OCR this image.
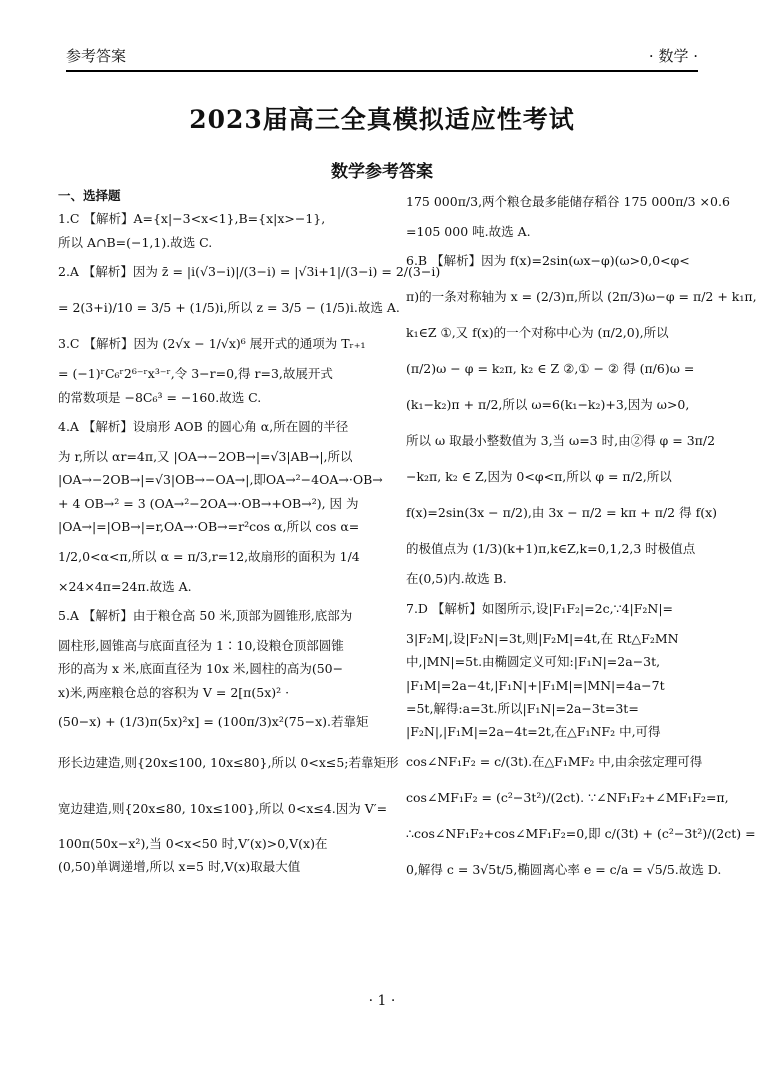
参考答案	· 数学 ·
2023届高三全真模拟适应性考试
数学参考答案
一、选择题
1.C 【解析】A={x|−3<x<1},B={x|x>−1},
所以 A∩B=(−1,1).故选 C.
2.A 【解析】因为 z̄ = |i(√3−i)|/(3−i) = |√3i+1|/(3−i) = 2/(3−i)
= 2(3+i)/10 = 3/5 + (1/5)i,所以 z = 3/5 − (1/5)i.故选 A.
3.C 【解析】因为 (2√x − 1/√x)⁶ 展开式的通项为 Tᵣ₊₁
= (−1)ʳC₆ʳ2⁶⁻ʳx³⁻ʳ,令 3−r=0,得 r=3,故展开式
的常数项是 −8C₆³ = −160.故选 C.
4.A 【解析】设扇形 AOB 的圆心角 α,所在圆的半径
为 r,所以 αr=4π,又 |OA→−2OB→|=√3|AB→|,所以
|OA→−2OB→|=√3|OB→−OA→|,即OA→²−4OA→·OB→
+ 4 OB→² = 3 (OA→²−2OA→·OB→+OB→²), 因 为
|OA→|=|OB→|=r,OA→·OB→=r²cos α,所以 cos α=
1/2,0<α<π,所以 α = π/3,r=12,故扇形的面积为 1/4
×24×4π=24π.故选 A.
5.A 【解析】由于粮仓高 50 米,顶部为圆锥形,底部为
圆柱形,圆锥高与底面直径为 1∶10,设粮仓顶部圆锥
形的高为 x 米,底面直径为 10x 米,圆柱的高为(50−
x)米,两座粮仓总的容积为 V = 2[π(5x)² ·
(50−x) + (1/3)π(5x)²x] = (100π/3)x²(75−x).若靠矩
形长边建造,则{20x≤100, 10x≤80},所以 0<x≤5;若靠矩形
宽边建造,则{20x≤80, 10x≤100},所以 0<x≤4.因为 V′=
100π(50x−x²),当 0<x<50 时,V′(x)>0,V(x)在
(0,50)单调递增,所以 x=5 时,V(x)取最大值
175 000π/3,两个粮仓最多能储存稻谷 175 000π/3 ×0.6
=105 000 吨.故选 A.
6.B 【解析】因为 f(x)=2sin(ωx−φ)(ω>0,0<φ<
π)的一条对称轴为 x = (2/3)π,所以 (2π/3)ω−φ = π/2 + k₁π,
k₁∈Z ①,又 f(x)的一个对称中心为 (π/2,0),所以
(π/2)ω − φ = k₂π, k₂ ∈ Z ②,① − ② 得 (π/6)ω =
(k₁−k₂)π + π/2,所以 ω=6(k₁−k₂)+3,因为 ω>0,
所以 ω 取最小整数值为 3,当 ω=3 时,由②得 φ = 3π/2
−k₂π, k₂ ∈ Z,因为 0<φ<π,所以 φ = π/2,所以
f(x)=2sin(3x − π/2),由 3x − π/2 = kπ + π/2 得 f(x)
的极值点为 (1/3)(k+1)π,k∈Z,k=0,1,2,3 时极值点
在(0,5)内.故选 B.
7.D 【解析】如图所示,设|F₁F₂|=2c,∵4|F₂N|=
3|F₂M|,设|F₂N|=3t,则|F₂M|=4t,在 Rt△F₂MN
中,|MN|=5t.由椭圆定义可知:|F₁N|=2a−3t,
|F₁M|=2a−4t,|F₁N|+|F₁M|=|MN|=4a−7t
=5t,解得:a=3t.所以|F₁N|=2a−3t=3t=
|F₂N|,|F₁M|=2a−4t=2t,在△F₁NF₂ 中,可得
cos∠NF₁F₂ = c/(3t).在△F₁MF₂ 中,由余弦定理可得
cos∠MF₁F₂ = (c²−3t²)/(2ct). ∵∠NF₁F₂+∠MF₁F₂=π,
∴cos∠NF₁F₂+cos∠MF₁F₂=0,即 c/(3t) + (c²−3t²)/(2ct) =
0,解得 c = 3√5t/5,椭圆离心率 e = c/a = √5/5.故选 D.
· 1 ·
